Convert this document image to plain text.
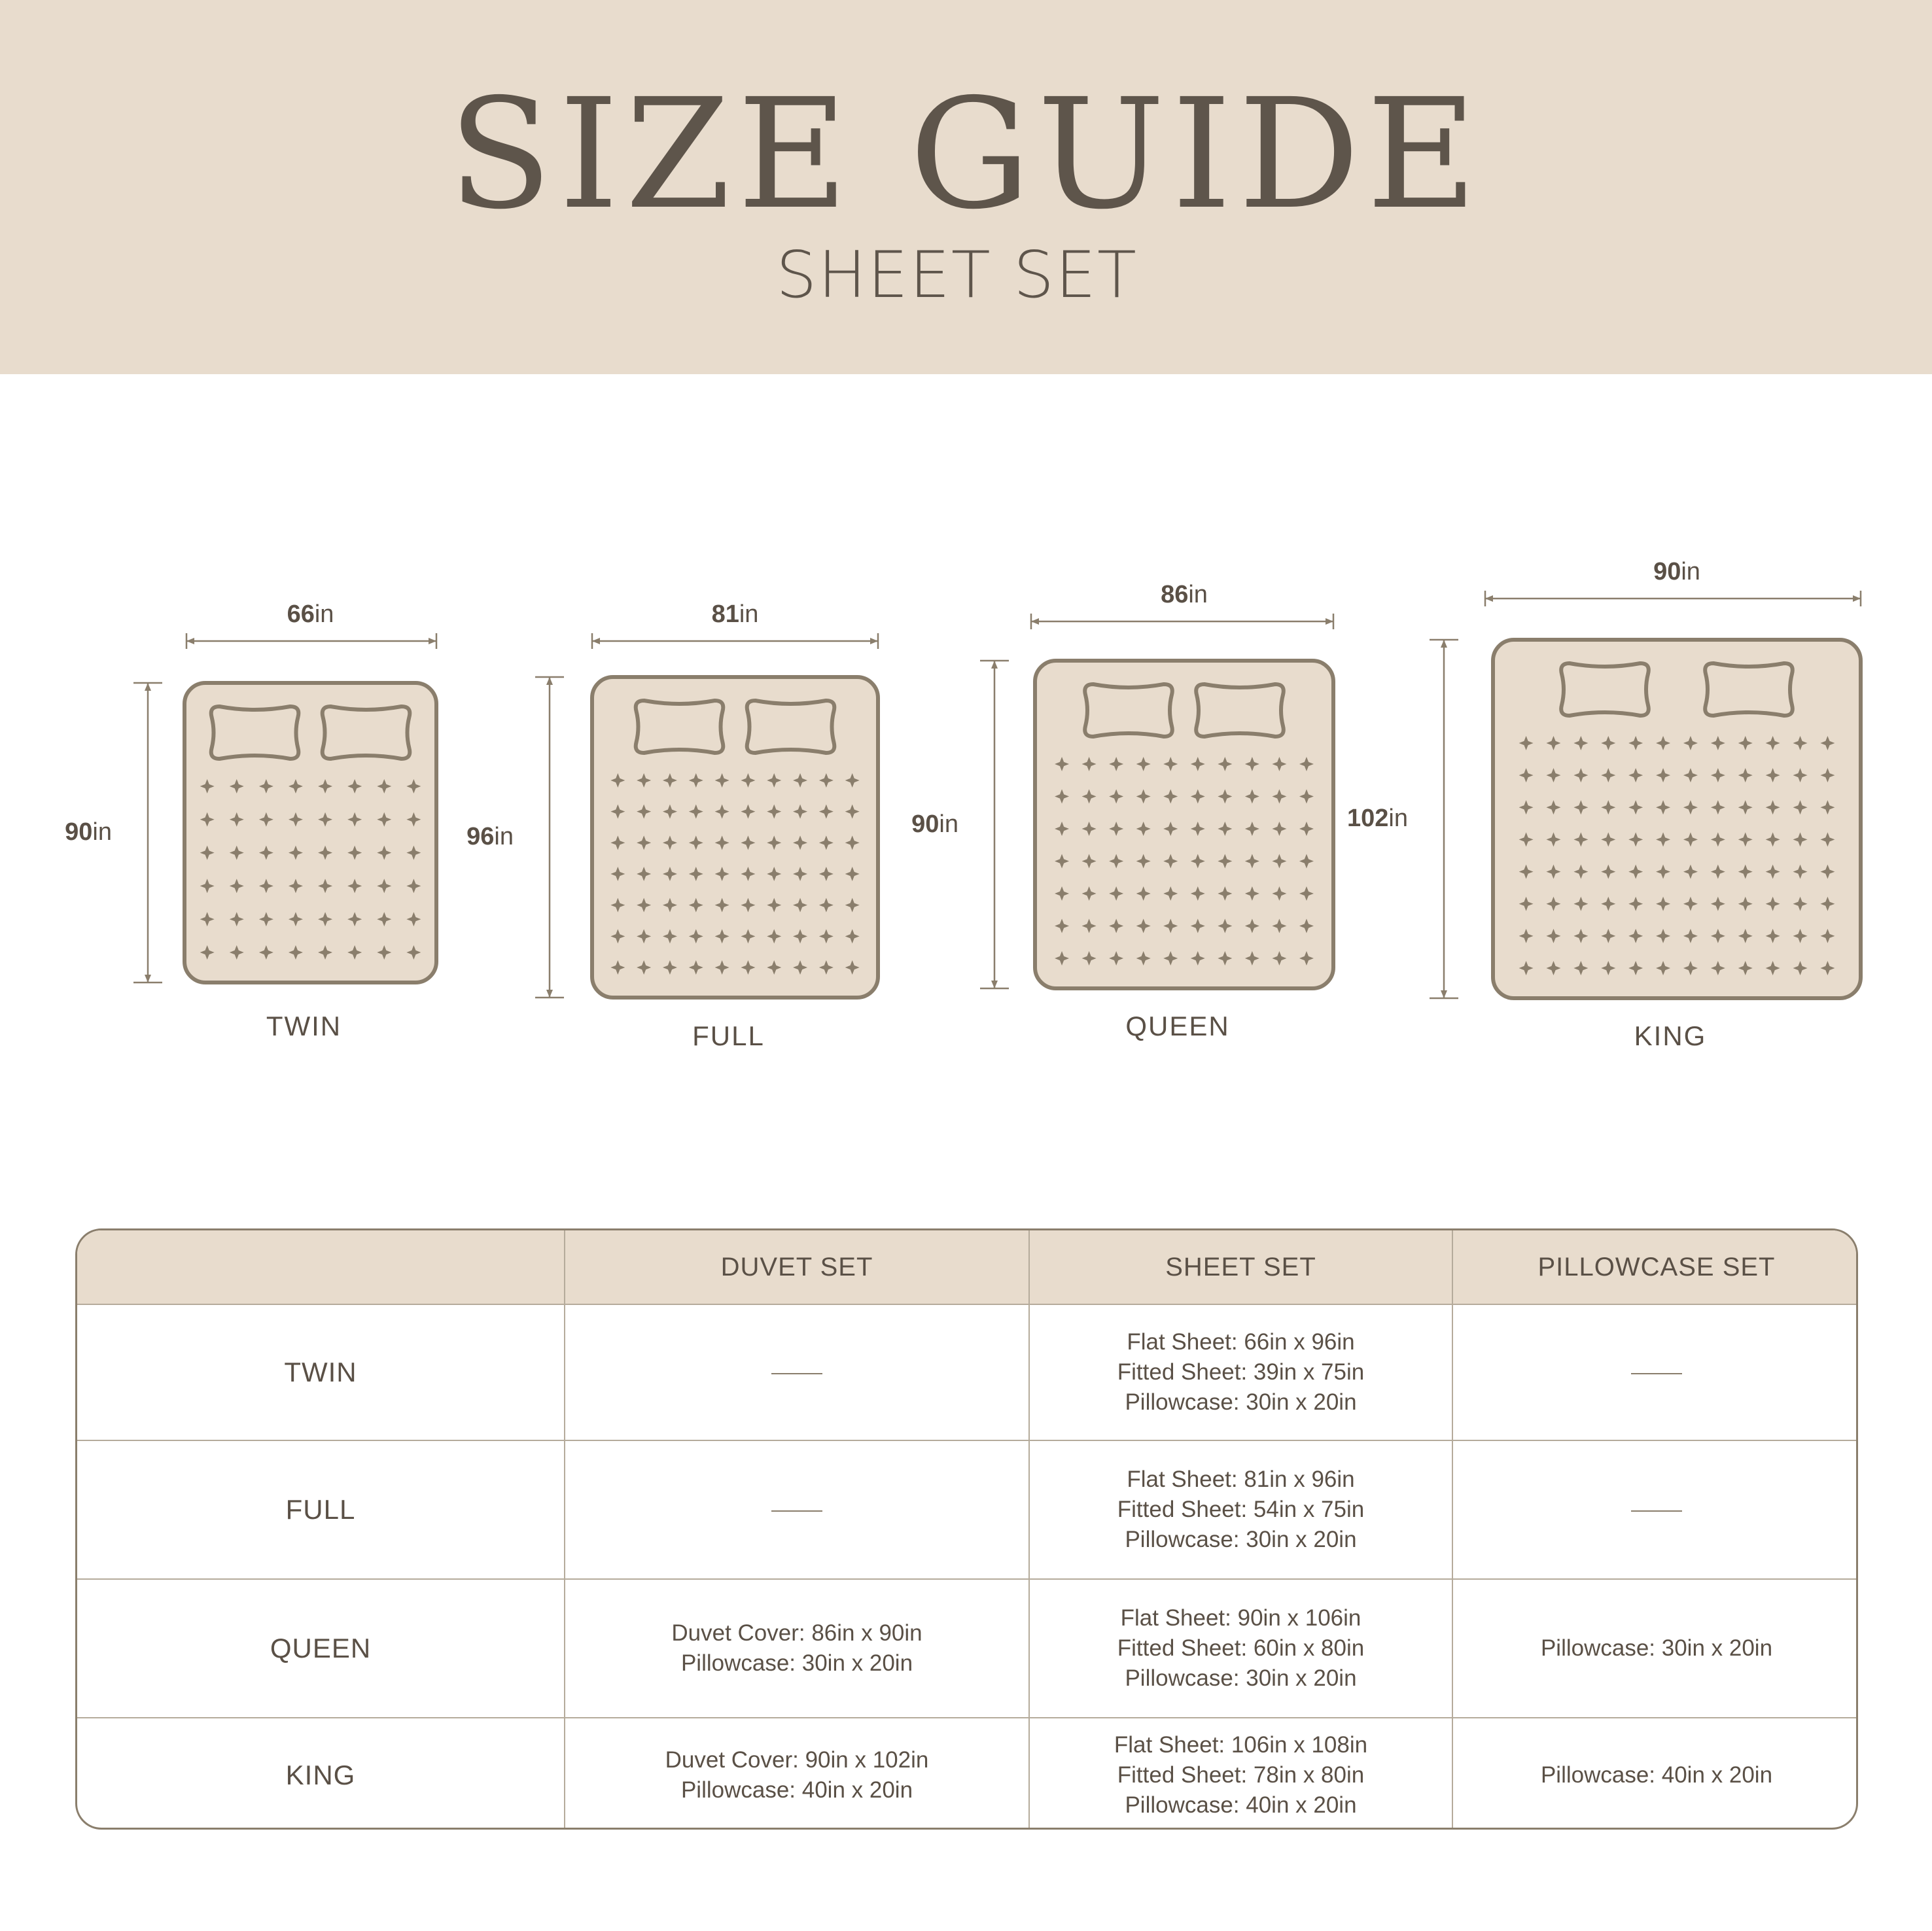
SIZE GUIDE
SHEET SET
66in
90in
TWIN
81in
96in
FULL
86in
90in
QUEEN
90in
102in
KING
	DUVET SET	SHEET SET	PILLOWCASE SET
TWIN		Flat Sheet: 66in x 96in
Fitted Sheet: 39in x 75in
Pillowcase: 30in x 20in	

FULL		Flat Sheet: 81in x 96in
Fitted Sheet: 54in x 75in
Pillowcase: 30in x 20in	

QUEEN	Duvet Cover: 86in x 90in
Pillowcase: 30in x 20in	Flat Sheet: 90in x 106in
Fitted Sheet: 60in x 80in
Pillowcase: 30in x 20in	Pillowcase: 30in x 20in

KING	Duvet Cover: 90in x 102in
Pillowcase: 40in x 20in	Flat Sheet: 106in x 108in
Fitted Sheet: 78in x 80in
Pillowcase: 40in x 20in	Pillowcase: 40in x 20in
